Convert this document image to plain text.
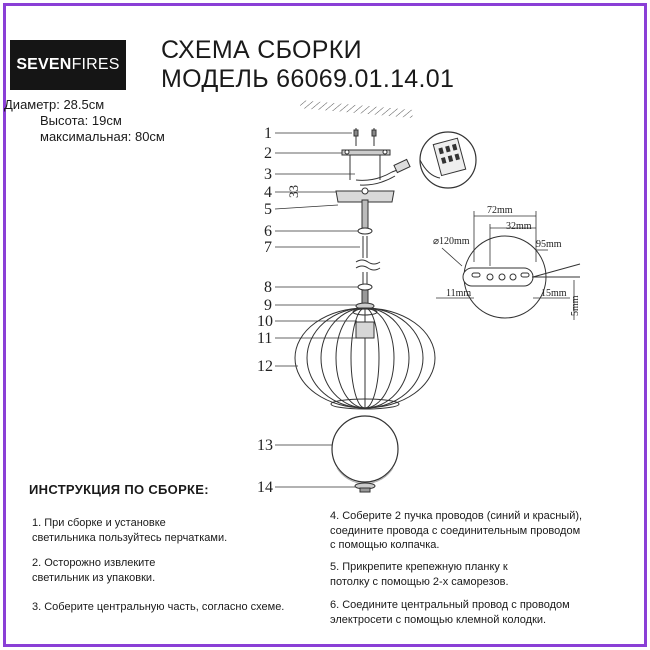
SEVEN FIRES
СХЕМА СБОРКИ
МОДЕЛЬ 66069.01.14.01
Диаметр: 28.5см
Высота: 19см
максимальная: 80см	1
2
3
4
5
6
7
8
9
10
11
12
13
14
33
⌀120mm
72mm
32mm
95mm
11mm	15mm
5mm
ИНСТРУКЦИЯ ПО СБОРКЕ:
1. При сборке и установке
светильника пользуйтесь перчатками.
2. Осторожно извлеките
светильник из упаковки.
3. Соберите центральную часть, согласно схеме.
4. Соберите 2 пучка проводов (синий и красный),
соедините провода с соединительным проводом
с помощью колпачка.
5. Прикрепите крепежную планку к
потолку с помощью 2-х саморезов.
6. Соедините центральный провод с проводом
электросети с помощью клемной колодки.
